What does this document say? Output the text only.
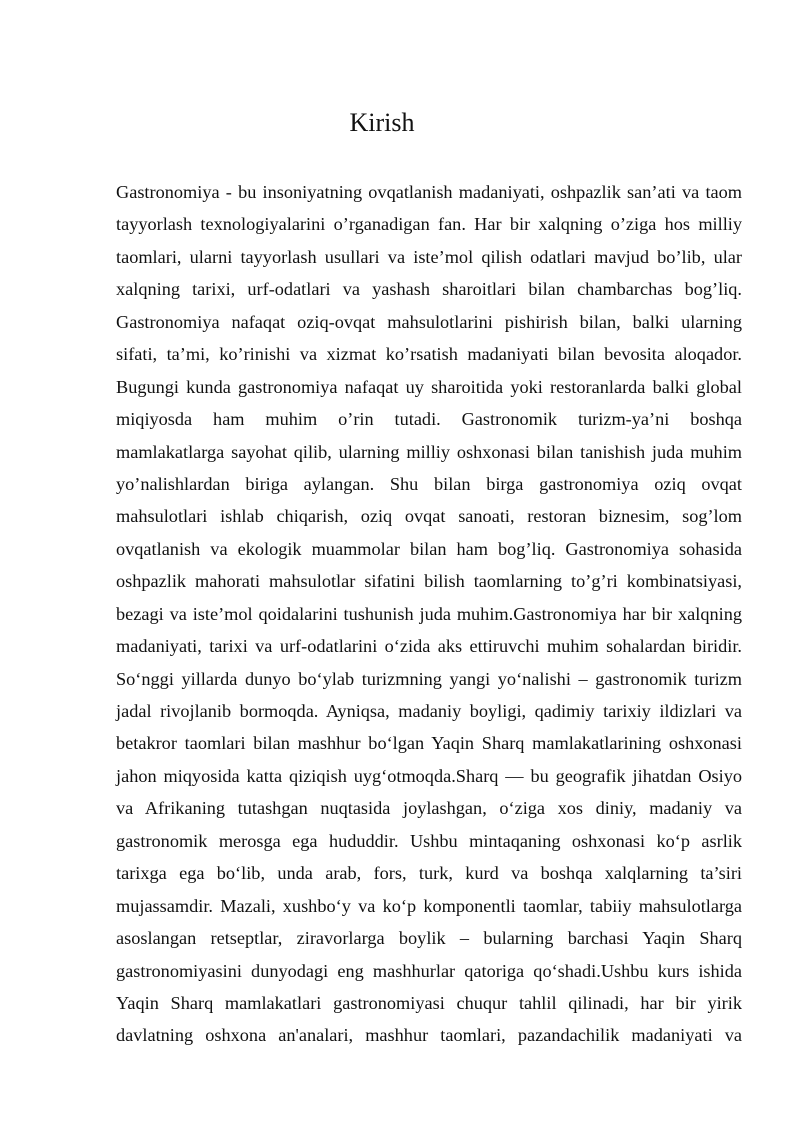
Kirish
Gastronomiya - bu insoniyatning ovqatlanish madaniyati, oshpazlik san’ati va taom
tayyorlash texnologiyalarini o’rganadigan fan. Har bir xalqning o’ziga hos milliy
taomlari, ularni tayyorlash usullari va iste’mol qilish odatlari mavjud bo’lib, ular
xalqning tarixi, urf-odatlari va yashash sharoitlari bilan chambarchas bog’liq.
Gastronomiya nafaqat oziq-ovqat mahsulotlarini pishirish bilan, balki ularning
sifati, ta’mi, ko’rinishi va xizmat ko’rsatish madaniyati bilan bevosita aloqador.
Bugungi kunda gastronomiya nafaqat uy sharoitida yoki restoranlarda balki global
miqiyosda ham muhim o’rin tutadi. Gastronomik turizm-ya’ni boshqa
mamlakatlarga sayohat qilib, ularning milliy oshxonasi bilan tanishish juda muhim
yo’nalishlardan biriga aylangan. Shu bilan birga gastronomiya oziq ovqat
mahsulotlari ishlab chiqarish, oziq ovqat sanoati, restoran biznesim, sog’lom
ovqatlanish va ekologik muammolar bilan ham bog’liq. Gastronomiya sohasida
oshpazlik mahorati mahsulotlar sifatini bilish taomlarning to’g’ri kombinatsiyasi,
bezagi va iste’mol qoidalarini tushunish juda muhim.Gastronomiya har bir xalqning
madaniyati, tarixi va urf-odatlarini o‘zida aks ettiruvchi muhim sohalardan biridir.
So‘nggi yillarda dunyo bo‘ylab turizmning yangi yo‘nalishi – gastronomik turizm
jadal rivojlanib bormoqda. Ayniqsa, madaniy boyligi, qadimiy tarixiy ildizlari va
betakror taomlari bilan mashhur bo‘lgan Yaqin Sharq mamlakatlarining oshxonasi
jahon miqyosida katta qiziqish uyg‘otmoqda.Sharq — bu geografik jihatdan Osiyo
va Afrikaning tutashgan nuqtasida joylashgan, o‘ziga xos diniy, madaniy va
gastronomik merosga ega hududdir. Ushbu mintaqaning oshxonasi ko‘p asrlik
tarixga ega bo‘lib, unda arab, fors, turk, kurd va boshqa xalqlarning ta’siri
mujassamdir. Mazali, xushbo‘y va ko‘p komponentli taomlar, tabiiy mahsulotlarga
asoslangan retseptlar, ziravorlarga boylik – bularning barchasi Yaqin Sharq
gastronomiyasini dunyodagi eng mashhurlar qatoriga qo‘shadi.Ushbu kurs ishida
Yaqin Sharq mamlakatlari gastronomiyasi chuqur tahlil qilinadi, har bir yirik
davlatning oshxona an'analari, mashhur taomlari, pazandachilik madaniyati va
